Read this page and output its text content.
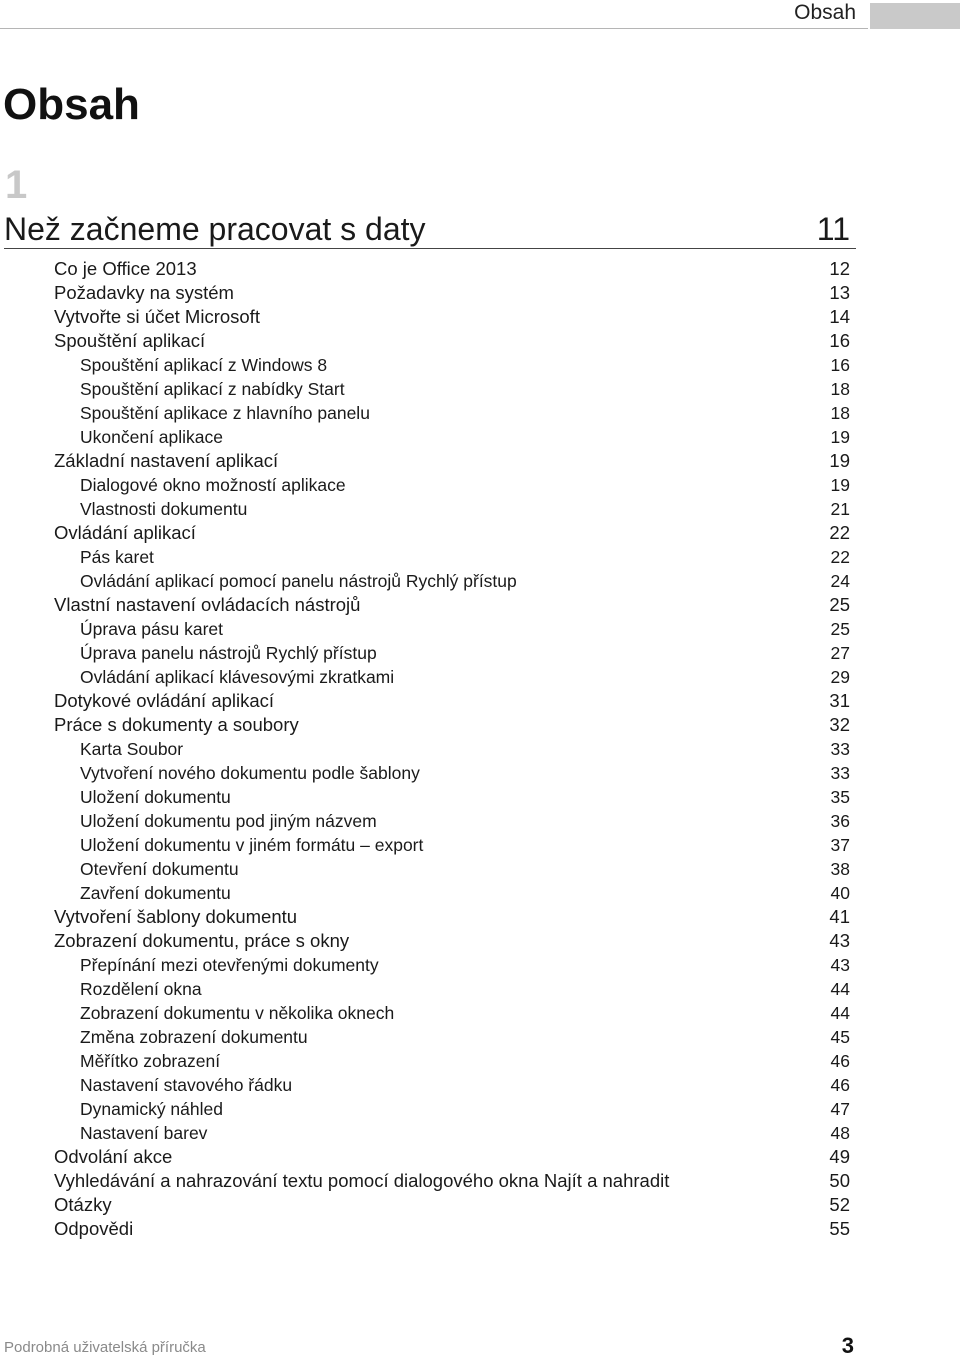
Obsah
Obsah
1
Než začneme pracovat s daty	11
Co je Office 2013	12
Požadavky na systém	13
Vytvořte si účet Microsoft	14
Spouštění aplikací	16
Spouštění aplikací z Windows 8	16
Spouštění aplikací z nabídky Start	18
Spouštění aplikace z hlavního panelu	18
Ukončení aplikace	19
Základní nastavení aplikací	19
Dialogové okno možností aplikace	19
Vlastnosti dokumentu	21
Ovládání aplikací	22
Pás karet	22
Ovládání aplikací pomocí panelu nástrojů Rychlý přístup	24
Vlastní nastavení ovládacích nástrojů	25
Úprava pásu karet	25
Úprava panelu nástrojů Rychlý přístup	27
Ovládání aplikací klávesovými zkratkami	29
Dotykové ovládání aplikací	31
Práce s dokumenty a soubory	32
Karta Soubor	33
Vytvoření nového dokumentu podle šablony	33
Uložení dokumentu	35
Uložení dokumentu pod jiným názvem	36
Uložení dokumentu v jiném formátu – export	37
Otevření dokumentu	38
Zavření dokumentu	40
Vytvoření šablony dokumentu	41
Zobrazení dokumentu, práce s okny	43
Přepínání mezi otevřenými dokumenty	43
Rozdělení okna	44
Zobrazení dokumentu v několika oknech	44
Změna zobrazení dokumentu	45
Měřítko zobrazení	46
Nastavení stavového řádku	46
Dynamický náhled	47
Nastavení barev	48
Odvolání akce	49
Vyhledávání a nahrazování textu pomocí dialogového okna Najít a nahradit	50
Otázky	52
Odpovědi	55
Podrobná uživatelská příručka	3
